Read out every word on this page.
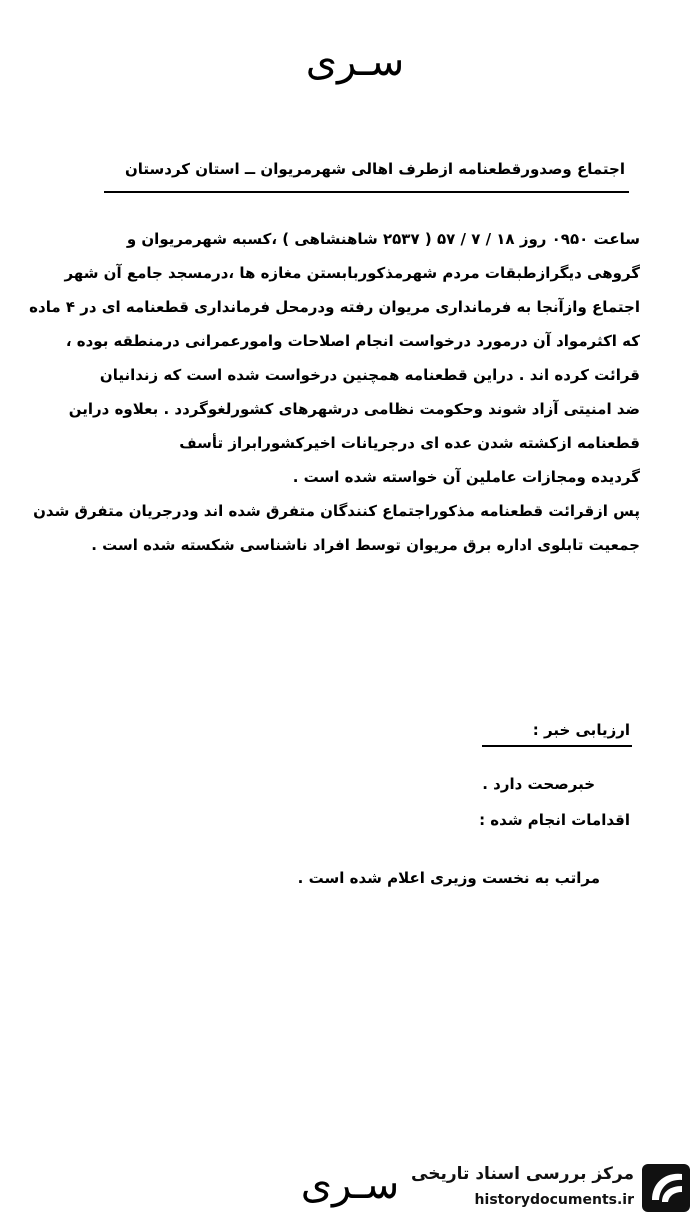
سـری
اجتماع وصدورقطعنامه ازطرف اهالی شهرمریوان ــ استان کردستان
ساعت ۰۹۵۰ روز ۱۸ / ۷ / ۵۷ ( ۲۵۳۷ شاهنشاهی ) ،کسبه شهرمریوان و
گروهی دیگرازطبقات مردم شهرمذکوربابستن مغازه ها ،درمسجد جامع آن شهر
اجتماع وازآنجا به فرمانداری مریوان رفته ودرمحل فرمانداری قطعنامه ای در ۴ ماده
که اکثرمواد آن درمورد درخواست انجام اصلاحات وامورعمرانی درمنطقه بوده ،
قرائت کرده اند . دراین قطعنامه همچنین درخواست شده است که زندانیان
ضد امنیتی آزاد شوند وحکومت نظامی درشهرهای کشورلغوگردد . بعلاوه دراین
قطعنامه ازکشته شدن عده ای درجریانات اخیرکشورابراز تأسف
گردیده ومجازات عاملین آن خواسته شده است .
پس ازقرائت قطعنامه مذکوراجتماع کنندگان متفرق شده اند ودرجریان متفرق شدن
جمعیت تابلوی اداره برق مریوان توسط افراد ناشناسی شکسته شده است .
ارزیابی خبر :
خبرصحت دارد .
اقدامات انجام شده :
مراتب به نخست وزیری اعلام شده است .
سـری مرکز بررسی اسناد تاریخی
historydocuments.ir
